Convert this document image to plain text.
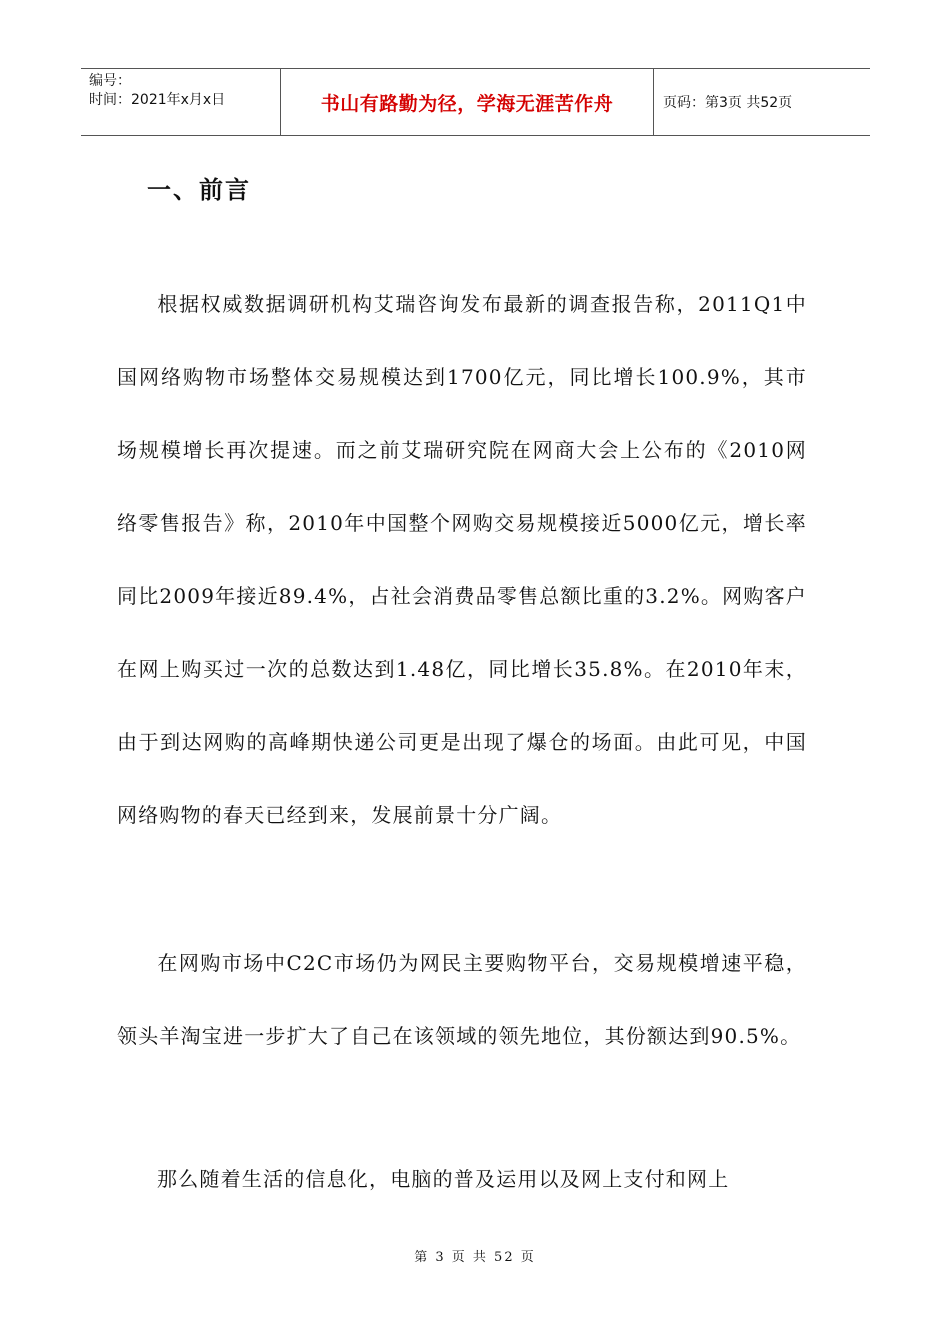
编号：
时间：2021年x月x日	书山有路勤为径，学海无涯苦作舟	页码：第3页 共52页
一、前言

根据权威数据调研机构艾瑞咨询发布最新的调查报告称，2011Q1中国网络购物市场整体交易规模达到1700亿元，同比增长100.9%，其市场规模增长再次提速。而之前艾瑞研究院在网商大会上公布的《2010网络零售报告》称，2010年中国整个网购交易规模接近5000亿元，增长率同比2009年接近89.4%，占社会消费品零售总额比重的3.2%。网购客户在网上购买过一次的总数达到1.48亿，同比增长35.8%。在2010年末，由于到达网购的高峰期快递公司更是出现了爆仓的场面。由此可见，中国网络购物的春天已经到来，发展前景十分广阔。

在网购市场中C2C市场仍为网民主要购物平台，交易规模增速平稳，领头羊淘宝进一步扩大了自己在该领域的领先地位，其份额达到90.5%。

那么随着生活的信息化，电脑的普及运用以及网上支付和网上

第 3 页 共 52 页
